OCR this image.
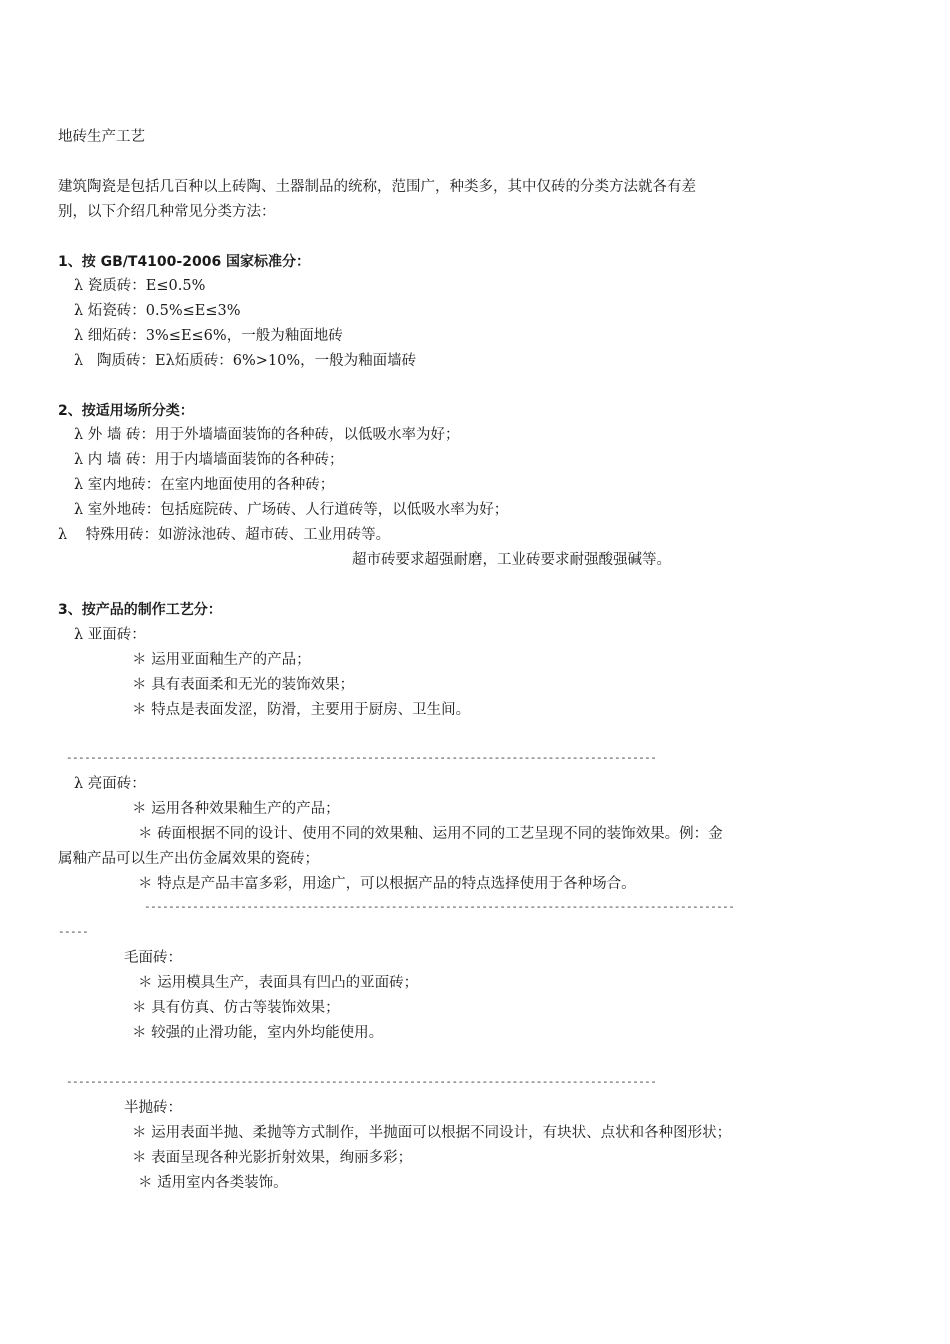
地砖生产工艺
建筑陶瓷是包括几百种以上砖陶、土器制品的统称，范围广，种类多，其中仅砖的分类方法就各有差
别，以下介绍几种常见分类方法：
1、按 GB/T4100-2006 国家标准分：
λ 瓷质砖：E≤0.5%
λ 炻瓷砖：0.5%≤E≤3%
λ 细炻砖：3%≤E≤6%，一般为釉面地砖
λ   陶质砖：Eλ炻质砖：6%>10%，一般为釉面墙砖
2、按适用场所分类：
λ 外 墙 砖：用于外墙墙面装饰的各种砖，以低吸水率为好；
λ 内 墙 砖：用于内墙墙面装饰的各种砖；
λ 室内地砖：在室内地面使用的各种砖；
λ 室外地砖：包括庭院砖、广场砖、人行道砖等，以低吸水率为好；
λ    特殊用砖：如游泳池砖、超市砖、工业用砖等。
超市砖要求超强耐磨，工业砖要求耐强酸强碱等。
3、按产品的制作工艺分：
λ 亚面砖：
＊ 运用亚面釉生产的产品；
＊ 具有表面柔和无光的装饰效果；
＊ 特点是表面发涩，防滑，主要用于厨房、卫生间。
--------------------------------------------------------------------------------------------------
λ 亮面砖：
＊ 运用各种效果釉生产的产品；
＊ 砖面根据不同的设计、使用不同的效果釉、运用不同的工艺呈现不同的装饰效果。例：金
属釉产品可以生产出仿金属效果的瓷砖；
＊ 特点是产品丰富多彩，用途广，可以根据产品的特点选择使用于各种场合。
--------------------------------------------------------------------------------------------------
-----
毛面砖：
＊ 运用模具生产，表面具有凹凸的亚面砖；
＊ 具有仿真、仿古等装饰效果；
＊ 较强的止滑功能，室内外均能使用。
--------------------------------------------------------------------------------------------------
半抛砖：
＊ 运用表面半抛、柔抛等方式制作，半抛面可以根据不同设计，有块状、点状和各种图形状；
＊ 表面呈现各种光影折射效果，绚丽多彩；
＊ 适用室内各类装饰。
